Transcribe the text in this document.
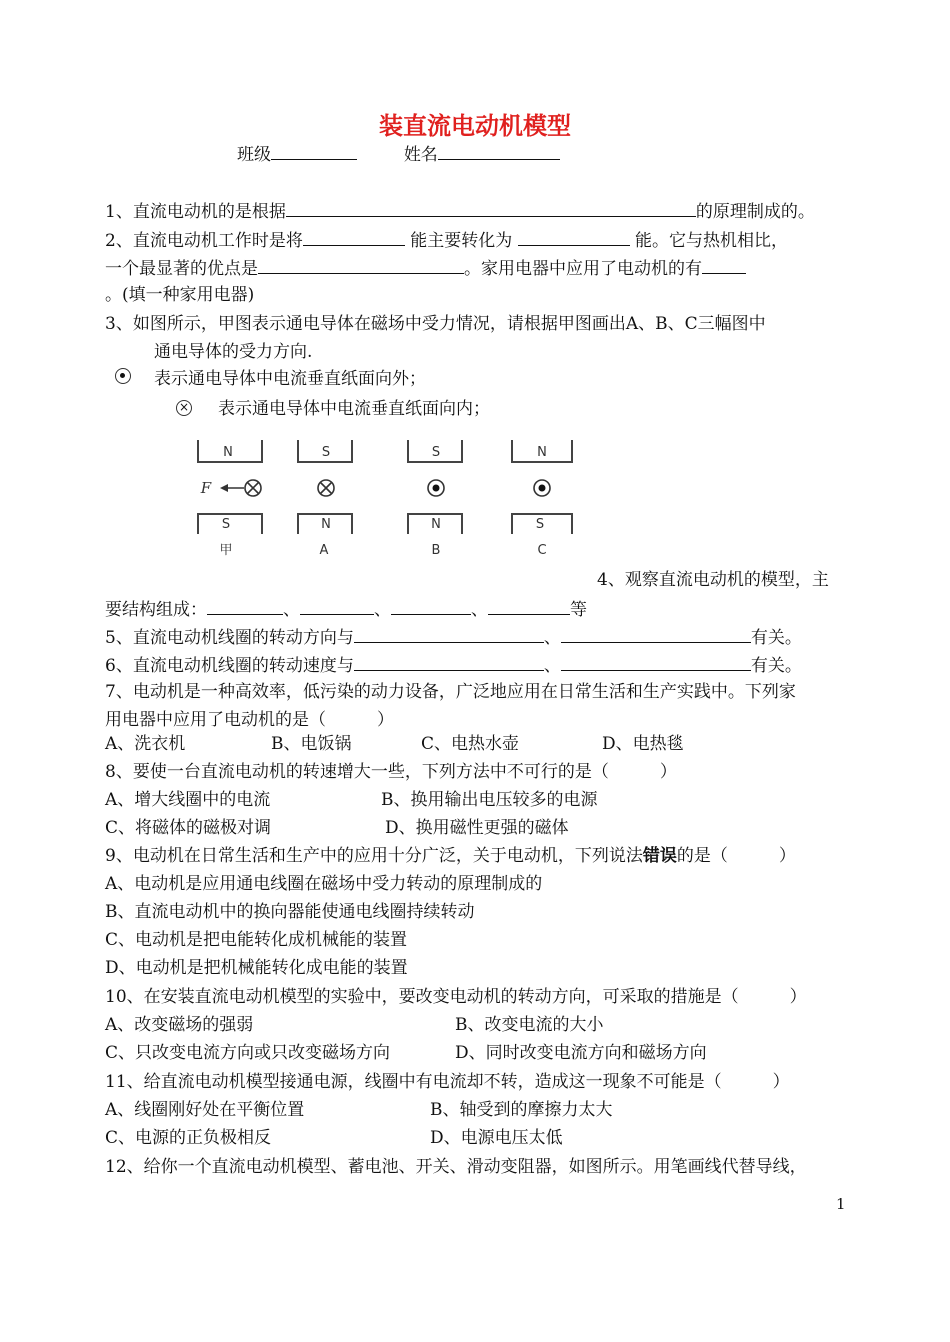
装直流电动机模型
班级	姓名
1、直流电动机的是根据	的原理制成的。
2、直流电动机工作时是将	能主要转化为	能。它与热机相比，
一个最显著的优点是	。家用电器中应用了电动机的有
。(填一种家用电器)
3、如图所示，甲图表示通电导体在磁场中受力情况，请根据甲图画出A、B、C三幅图中
通电导体的受力方向.
表示通电导体中电流垂直纸面向外；
× 表示通电导体中电流垂直纸面向内；
N	S	S	N
S	N	N	S
甲	A	B	C
F
4、观察直流电动机的模型，主
要结构组成：	、	、	、	等
5、直流电动机线圈的转动方向与	、	有关。
6、直流电动机线圈的转动速度与	、	有关。
7、电动机是一种高效率，低污染的动力设备，广泛地应用在日常生活和生产实践中。下列家
用电器中应用了电动机的是（　　　）
A、洗衣机	B、电饭锅	C、电热水壶	D、电热毯
8、要使一台直流电动机的转速增大一些，下列方法中不可行的是（　　　）
A、增大线圈中的电流	B、换用输出电压较多的电源
C、将磁体的磁极对调	D、换用磁性更强的磁体
9、电动机在日常生活和生产中的应用十分广泛，关于电动机，下列说法错误的是（　　　）
A、电动机是应用通电线圈在磁场中受力转动的原理制成的
B、直流电动机中的换向器能使通电线圈持续转动
C、电动机是把电能转化成机械能的装置
D、电动机是把机械能转化成电能的装置
10、在安装直流电动机模型的实验中，要改变电动机的转动方向，可采取的措施是（　　　）
A、改变磁场的强弱	B、改变电流的大小
C、只改变电流方向或只改变磁场方向	D、同时改变电流方向和磁场方向
11、给直流电动机模型接通电源，线圈中有电流却不转，造成这一现象不可能是（　　　）
A、线圈刚好处在平衡位置	B、轴受到的摩擦力太大
C、电源的正负极相反	D、电源电压太低
12、给你一个直流电动机模型、蓄电池、开关、滑动变阻器，如图所示。用笔画线代替导线，
1
